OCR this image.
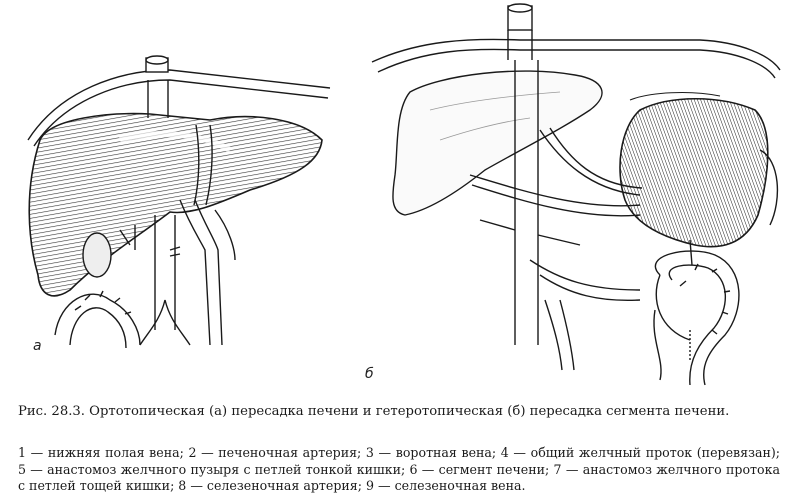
а
б
Рис. 28.3. Ортотопическая (а) пересадка печени и гетеротопическая (б) пересадка сегмента печени.
1 — нижняя полая вена; 2 — печеночная артерия; 3 — воротная вена; 4 — общий желчный проток (перевязан); 5 — анастомоз желчного пузыря с петлей тонкой кишки; 6 — сегмент печени; 7 — анастомоз желчного протока с петлей тощей кишки; 8 — селезеночная артерия; 9 — селезеночная вена.
